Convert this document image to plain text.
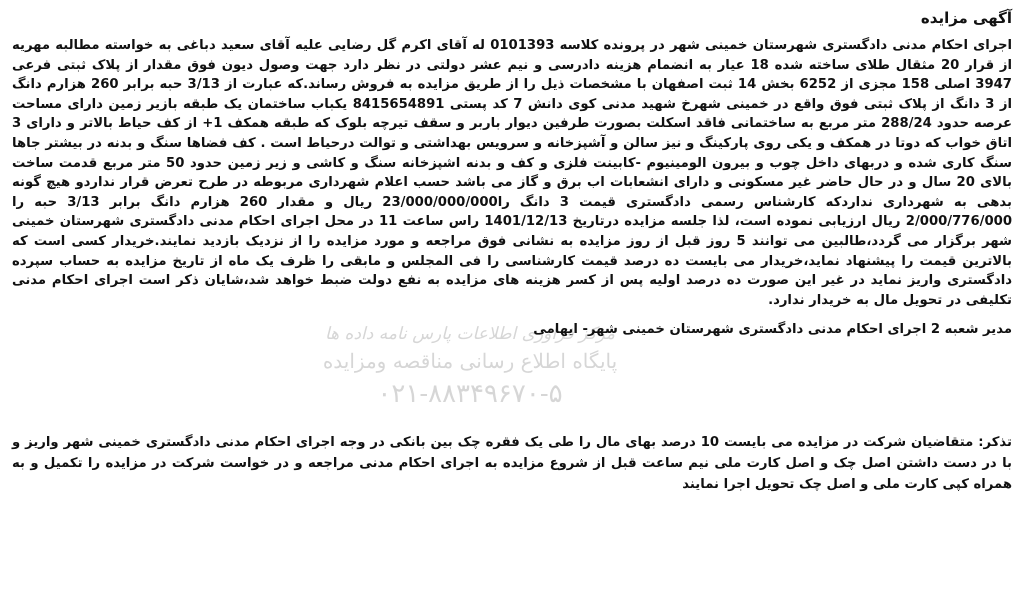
مرکز فراوری اطلاعات پارس نامه داده ها
پایگاه اطلاع رسانی مناقصه ومزایده
۰۲۱-۸۸۳۴۹۶۷۰-۵
آگهی مزایده

اجرای احکام مدنی دادگستری شهرستان خمینی شهر در پرونده کلاسه 0101393 له آقای اکرم گل رضایی علیه آقای سعید دباغی به خواسته مطالبه مهریه از قرار 20 مثقال طلای ساخته شده 18 عیار به انضمام هزینه دادرسی و نیم عشر دولتی در نظر دارد جهت وصول دیون فوق مقدار از پلاک ثبتی فرعی 3947 اصلی 158 مجزی از 6252 بخش 14 ثبت اصفهان با مشخصات ذیل را از طریق مزایده به فروش رساند.که عبارت از 3/13 حبه برابر 260 هزارم دانگ از 3 دانگ از پلاک ثبتی فوق واقع در خمینی شهرخ شهید مدنی کوی دانش 7 کد پستی 8415654891 یکباب ساختمان یک طبقه بازیر زمین دارای مساحت عرصه حدود 288/24 متر مربع به ساختمانی فاقد اسکلت بصورت طرفین دیوار باربر و سقف تیرچه بلوک که طبقه همکف 1+ از کف حیاط بالاتر و دارای 3 اتاق خواب که دوتا در همکف و یکی روی پارکینگ و نیز سالن و آشپزخانه و سرویس بهداشتی و توالت درحیاط است . کف فضاها سنگ و بدنه در بیشتر جاها سنگ کاری شده و دربهای داخل چوب و بیرون الومینیوم -کابینت فلزی و کف و بدنه اشپزخانه سنگ و کاشی و زیر زمین حدود 50 متر مربع قدمت ساخت بالای 20 سال و در حال حاضر غیر مسکونی و دارای انشعابات اب برق و گاز می باشد حسب اعلام شهرداری مربوطه در طرح تعرض قرار نداردو هیچ گونه بدهی به شهرداری نداردکه کارشناس رسمی دادگستری قیمت 3 دانگ را23/000/000/000 ریال و مقدار 260 هزارم دانگ برابر 3/13 حبه را 2/000/776/000 ریال ارزیابی نموده است، لذا جلسه مزایده درتاریخ 1401/12/13 راس ساعت 11 در محل اجرای احکام مدنی دادگستری شهرستان خمینی شهر برگزار می گردد،طالبین می توانند 5 روز قبل از روز مزایده به نشانی فوق مراجعه و مورد مزایده را از نزدیک بازدید نمایند.خریدار کسی است که بالاترین قیمت را پیشنهاد نماید،خریدار می بایست ده درصد قیمت کارشناسی را فی المجلس و مابقی را ظرف یک ماه از تاریخ مزایده به حساب سپرده دادگستری واریز نماید در غیر این صورت ده درصد اولیه پس از کسر هزینه های مزایده به نفع دولت ضبط خواهد شد،شایان ذکر است اجرای احکام مدنی تکلیفی در تحویل مال به خریدار ندارد.

مدیر شعبه 2 اجرای احکام مدنی دادگستری شهرستان خمینی شهر- ایهامی

تذکر: متقاضیان شرکت در مزایده می بایست 10 درصد بهای مال را طی یک فقره چک بین بانکی در وجه اجرای احکام مدنی دادگستری خمینی شهر واریز و با در دست داشتن اصل چک و اصل کارت ملی نیم ساعت قبل از شروع مزایده به اجرای احکام مدنی مراجعه و در خواست شرکت در مزایده را تکمیل و به همراه کپی کارت ملی و اصل چک تحویل اجرا نمایند
